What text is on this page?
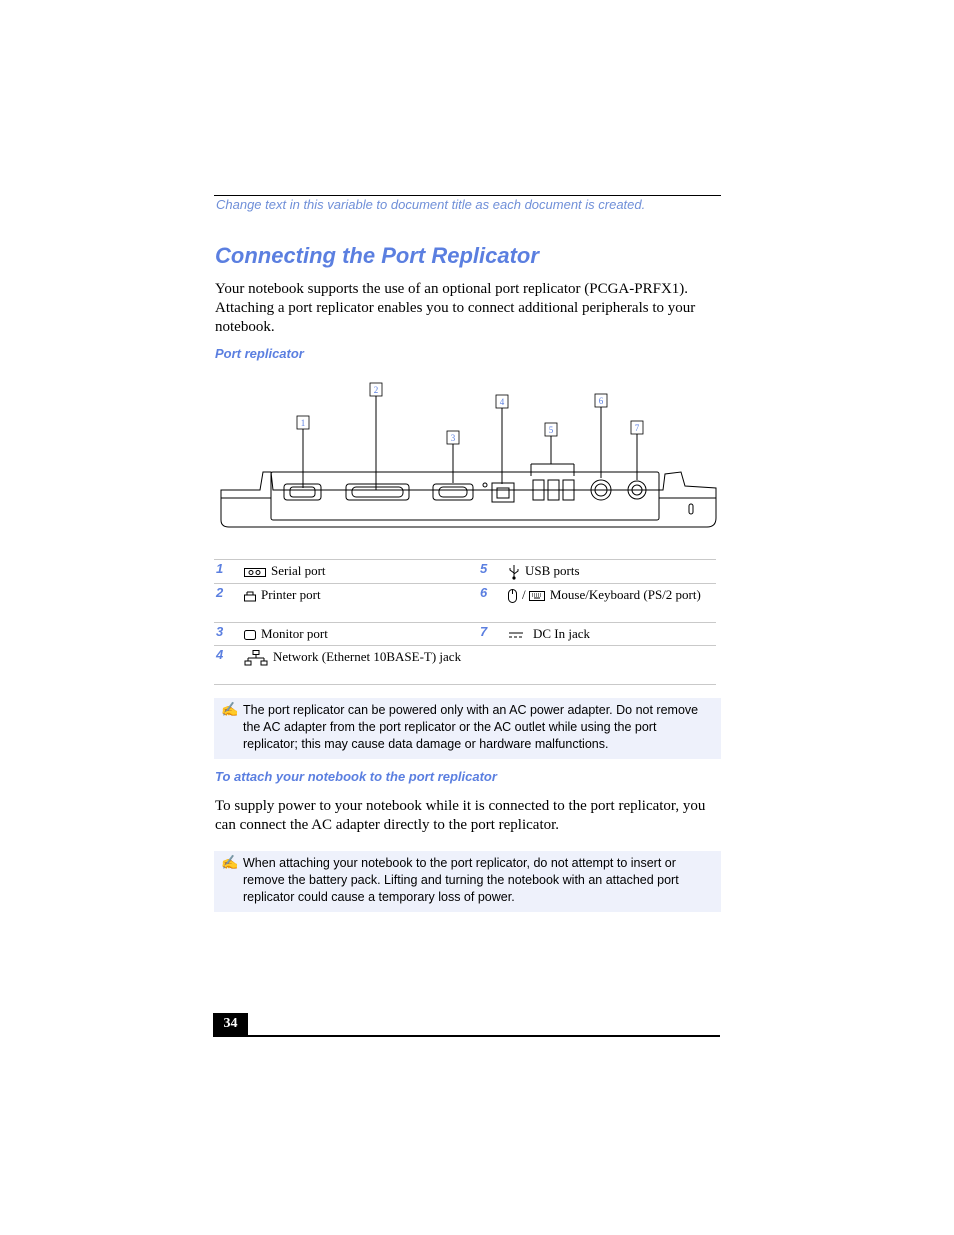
Change text in this variable to document title as each document is created.
Connecting the Port Replicator
Your notebook supports the use of an optional port replicator (PCGA-PRFX1). Attaching a port replicator enables you to connect additional peripherals to your notebook.
Port replicator
1
2
3
4
5
6
7
1	Serial port	5	USB ports
2	Printer port	6	/ Mouse/Keyboard (PS/2 port)
3	Monitor port	7	DC In jack
4	Network (Ethernet 10BASE-T) jack		
✍ The port replicator can be powered only with an AC power adapter. Do not remove the AC adapter from the port replicator or the AC outlet while using the port replicator; this may cause data damage or hardware malfunctions.
To attach your notebook to the port replicator
To supply power to your notebook while it is connected to the port replicator, you can connect the AC adapter directly to the port replicator.
✍ When attaching your notebook to the port replicator, do not attempt to insert or remove the battery pack. Lifting and turning the notebook with an attached port replicator could cause a temporary loss of power.
34
